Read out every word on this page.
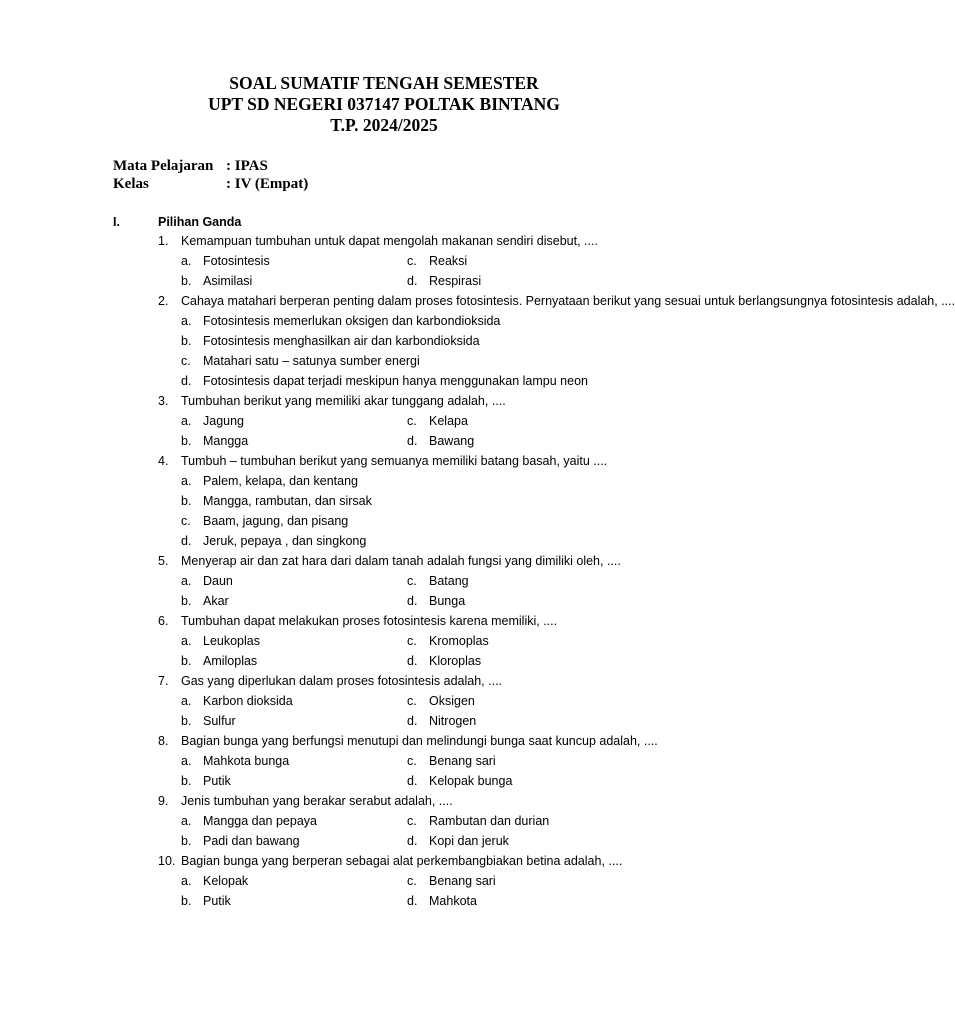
SOAL SUMATIF TENGAH SEMESTER
UPT SD NEGERI 037147 POLTAK BINTANG
T.P. 2024/2025
Mata Pelajaran : IPAS
Kelas	: IV (Empat)
I.	Pilihan Ganda
1.	Kemampuan tumbuhan untuk dapat mengolah makanan sendiri disebut, ....
a. Fotosintesis	c. Reaksi
b. Asimilasi	d. Respirasi
2.	Cahaya matahari berperan penting dalam proses fotosintesis. Pernyataan berikut yang sesuai untuk berlangsungnya fotosintesis adalah, ....
a. Fotosintesis memerlukan oksigen dan karbondioksida
b. Fotosintesis menghasilkan air dan karbondioksida
c. Matahari satu – satunya sumber energi
d. Fotosintesis dapat terjadi meskipun hanya menggunakan lampu neon
3.	Tumbuhan berikut yang memiliki akar tunggang adalah, ....
a. Jagung	c. Kelapa
b. Mangga	d. Bawang
4.	Tumbuh – tumbuhan berikut yang semuanya memiliki batang basah, yaitu ....
a. Palem, kelapa, dan kentang
b. Mangga, rambutan, dan sirsak
c. Baam, jagung, dan pisang
d. Jeruk, pepaya , dan singkong
5.	Menyerap air dan zat hara dari dalam tanah adalah fungsi yang dimiliki oleh, ....
a. Daun	c. Batang
b. Akar	d. Bunga
6.	Tumbuhan dapat melakukan proses fotosintesis karena memiliki, ....
a. Leukoplas	c. Kromoplas
b. Amiloplas	d. Kloroplas
7.	Gas yang diperlukan dalam proses fotosintesis adalah, ....
a. Karbon dioksida	c. Oksigen
b. Sulfur	d. Nitrogen
8.	Bagian bunga yang berfungsi menutupi dan melindungi bunga saat kuncup adalah, ....
a. Mahkota bunga	c. Benang sari
b. Putik	d. Kelopak bunga
9.	Jenis tumbuhan yang berakar serabut adalah, ....
a. Mangga dan pepaya	c. Rambutan dan durian
b. Padi dan bawang	d. Kopi dan jeruk
10. Bagian bunga yang berperan sebagai alat perkembangbiakan betina adalah, ....
a. Kelopak	c. Benang sari
b. Putik	d. Mahkota
